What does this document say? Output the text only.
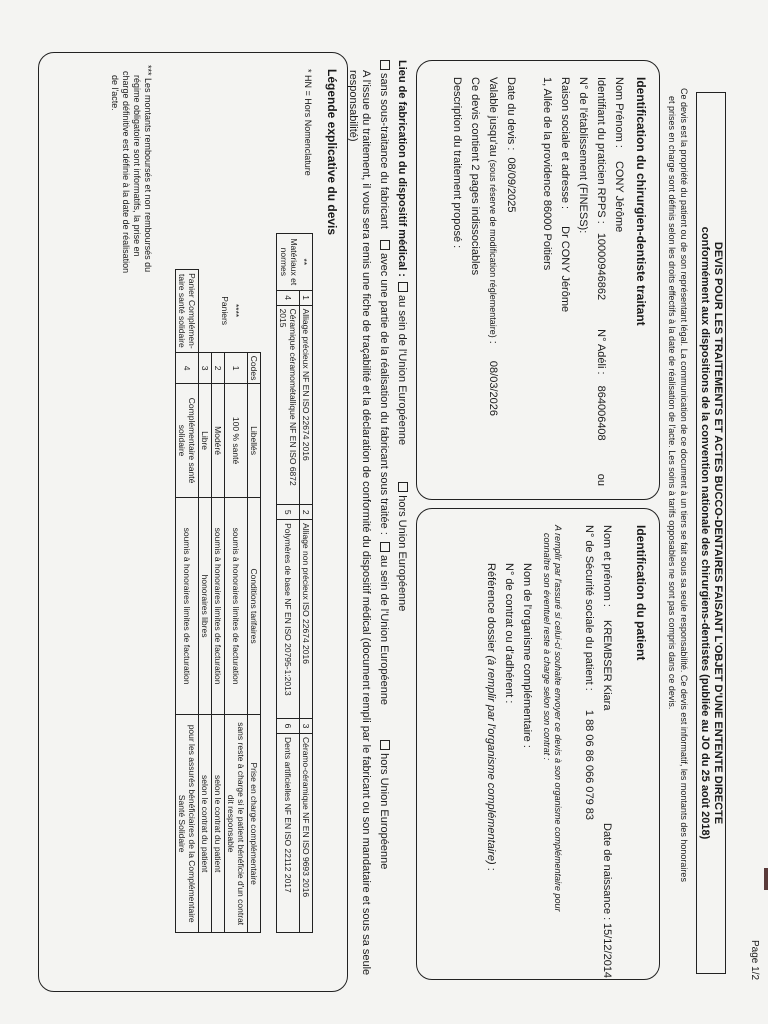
Page 1/2
DEVIS POUR LES TRAITEMENTS ET ACTES BUCCO-DENTAIRES FAISANT L'OBJET D'UNE ENTENTE DIRECTE
conformément aux dispositions de la convention nationale des chirurgiens-dentistes (publiée au JO du 25 août 2018)
Ce devis est la propriété du patient ou de son représentant légal. La communication de ce document à un tiers se fait sous sa seule responsabilité. Ce devis est informatif, les montants des honoraires
et prises en charge sont définis selon les droits effectifs à la date de réalisation de l'acte. Les soins à tarifs opposables ne sont pas compris dans ce devis.
Identification du chirurgien-dentiste traitant
Nom Prénom : CONY Jérôme
Identifiant du praticien RPPS : 10000946862 N° Adéli : 864006408 ou
N° de l'établissement (FINESS):
Raison sociale et adresse : Dr CONY Jérôme
1, Allée de la providence 86000 Poitiers
Date du devis : 08/09/2025
Valable jusqu'au (sous réserve de modification réglementaire) : 08/03/2026
Ce devis contient 2 pages indissociables
Description du traitement proposé :
Identification du patient
Nom et prénom : KREMBSER Kiara
Date de naissance :
15/12/2014
N° de Sécurité sociale du patient : 1 88 06 86 066 079 83
A remplir par l'assuré si celui-ci souhaite envoyer ce devis à son organisme complémentaire pour
connaître son éventuel reste à charge selon son contrat :
Nom de l'organisme complémentaire :
N° de contrat ou d'adhérent :
Référence dossier (à remplir par l'organisme complémentaire) :
Lieu de fabrication du dispositif médical : au sein de l'Union Européenne hors Union Européenne
sans sous-traitance du fabricant avec une partie de la réalisation du fabricant sous traitée : au sein de l'Union Européenne hors Union Européenne
A l'issue du traitement, il vous sera remis une fiche de traçabilité et la déclaration de conformité du dispositif médical (document rempli par le fabricant ou son mandataire et sous sa seule
responsabilité)
Légende explicative du devis
* HN = Hors Nomenclature
*** Les montants remboursés et non remboursés du
régime obligatoire sont informatifs, la prise en
charge définitive est définie à la date de réalisation
de l'acte.
**
Matériaux et
normes	1	Alliage précieux NF EN ISO 22674 2016	2	Alliage non précieux ISO 22674 2016	3	Céramo-céramique NF EN ISO 9693 2016
	4	Céramique céramométallique NF EN ISO 6872 2015	5	Polymères de base NF EN ISO 20795-1:2013	6	Dents artificielles NF EN ISO 22112 2017
****
Paniers	Codes	Libellés	Conditions tarifaires	Prise en charge complémentaire
	1	100 % santé	soumis à honoraires limites de facturation	sans reste à charge si le patient bénéficie d'un contrat dit responsable
	2	Modéré	soumis à honoraires limites de facturation	selon le contrat du patient
	3	Libre	honoraires libres	selon le contrat du patient

Panier Complémen-
taire santé solidaire	4	Complémentaire santé solidaire	soumis à honoraires limites de facturation	pour les assurés bénéficiaires de la Complémentaire Santé Solidaire
